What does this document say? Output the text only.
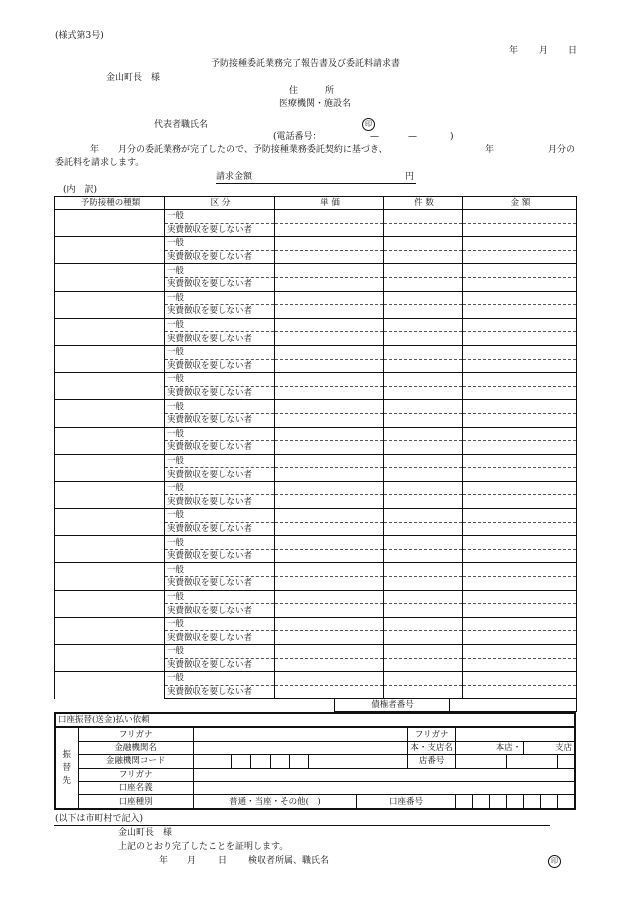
(様式第3号)
年 月 日
予防接種委託業務完了報告書及び委託料請求書
金山町長　様
住　　　所
医療機関・施設名
代表者職氏名	印
(電話番号：	—	—	)
年 月分の委託業務が完了したので、予防接種業務委託契約に基づき、	年	月分の
委託料を請求します。
請求金額	円
(内　訳)
予防接種の種類	区 分	単 価	件 数	金 額
	一般			
	実費徴収を要しない者			
	一般			
	実費徴収を要しない者			
	一般			
	実費徴収を要しない者			
	一般			
	実費徴収を要しない者			
	一般			
	実費徴収を要しない者			
	一般			
	実費徴収を要しない者			
	一般			
	実費徴収を要しない者			
	一般			
	実費徴収を要しない者			
	一般			
	実費徴収を要しない者			
	一般			
	実費徴収を要しない者			
	一般			
	実費徴収を要しない者			
	一般			
	実費徴収を要しない者			
	一般			
	実費徴収を要しない者			
	一般			
	実費徴収を要しない者			
	一般			
	実費徴収を要しない者			
	一般			
	実費徴収を要しない者			
	一般			
	実費徴収を要しない者			
	一般			
	実費徴収を要しない者			
債権者番号
口座振替(送金)払い依頼																
振替先	フリガナ								フリガナ							
	金融機関名								本・支店名	本店・				支店		
	金融機関コード								店番号							
	フリガナ															
	口座名義															
	口座種別	普通・当座・その他(　)						口座番号								
(以下は市町村で記入)
金山町長　様
上記のとおり完了したことを証明します。
年 月 日 検収者所属、職氏名	印
